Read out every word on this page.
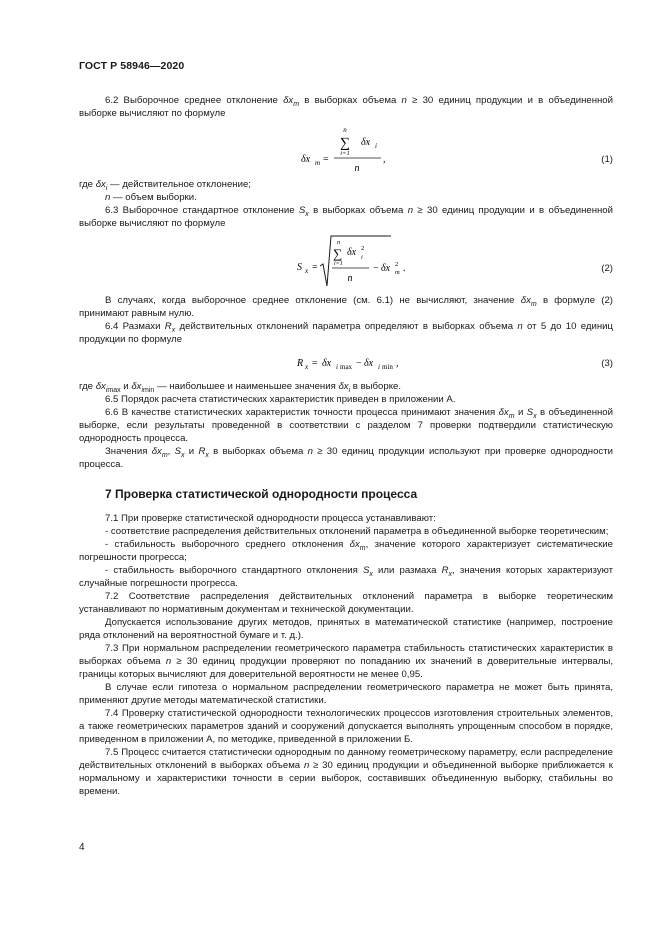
ГОСТ Р 58946—2020

6.2 Выборочное среднее отклонение $\delta x_m$ в выборках объема n ≥ 30 единиц продукции и в объединенной выборке вычисляют по формуле

n
∑ δx i
i=1
n
δx m =	,	(1)

где $\delta x_i$ — действительное отклонение;

n — объем выборки.

6.3 Выборочное стандартное отклонение $S_x$ в выборках объема n ≥ 30 единиц продукции и в объединенной выборке вычисляют по формуле

S x =
n
∑ δx 2
i
i=1
n
− δx 2
m .	(2)

В случаях, когда выборочное среднее отклонение (см. 6.1) не вычисляют, значение $\delta x_m$ в формуле (2) принимают равным нулю.

6.4 Размахи $R_x$ действительных отклонений параметра определяют в выборках объема n от 5 до 10 единиц продукции по формуле

R x = δx i max − δx i min ,	(3)

где $\delta x_{imax}$ и $\delta x_{imin}$ — наибольшее и наименьшее значения $\delta x_i$ в выборке.

6.5 Порядок расчета статистических характеристик приведен в приложении А.

6.6 В качестве статистических характеристик точности процесса принимают значения $\delta x_m$ и $S_x$ в объединенной выборке, если результаты проведенной в соответствии с разделом 7 проверки подтвердили статистическую однородность процесса.

Значения $\delta x_m$, $S_x$ и $R_x$ в выборках объема n ≥ 30 единиц продукции используют при проверке однородности процесса.

7 Проверка статистической однородности процесса

7.1 При проверке статистической однородности процесса устанавливают:

- соответствие распределения действительных отклонений параметра в объединенной выборке теоретическим;

- стабильность выборочного среднего отклонения $\delta x_m$, значение которого характеризует систематические погрешности прогресса;

- стабильность выборочного стандартного отклонения $S_x$ или размаха $R_x$, значения которых характеризуют случайные погрешности прогресса.

7.2 Соответствие распределения действительных отклонений параметра в выборке теоретическим устанавливают по нормативным документам и технической документации.

Допускается использование других методов, принятых в математической статистике (например, построение ряда отклонений на вероятностной бумаге и т. д.).

7.3 При нормальном распределении геометрического параметра стабильность статистических характеристик в выборках объема n ≥ 30 единиц продукции проверяют по попаданию их значений в доверительные интервалы, границы которых вычисляют для доверительной вероятности не менее 0,95.

В случае если гипотеза о нормальном распределении геометрического параметра не может быть принята, применяют другие методы математической статистики.

7.4 Проверку статистической однородности технологических процессов изготовления строительных элементов, а также геометрических параметров зданий и сооружений допускается выполнять упрощенным способом в порядке, приведенном в приложении А, по методике, приведенной в приложении Б.

7.5 Процесс считается статистически однородным по данному геометрическому параметру, если распределение действительных отклонений в выборках объема n ≥ 30 единиц продукции и объединенной выборке приближается к нормальному и характеристики точности в серии выборок, составивших объединенную выборку, стабильны во времени.

4
